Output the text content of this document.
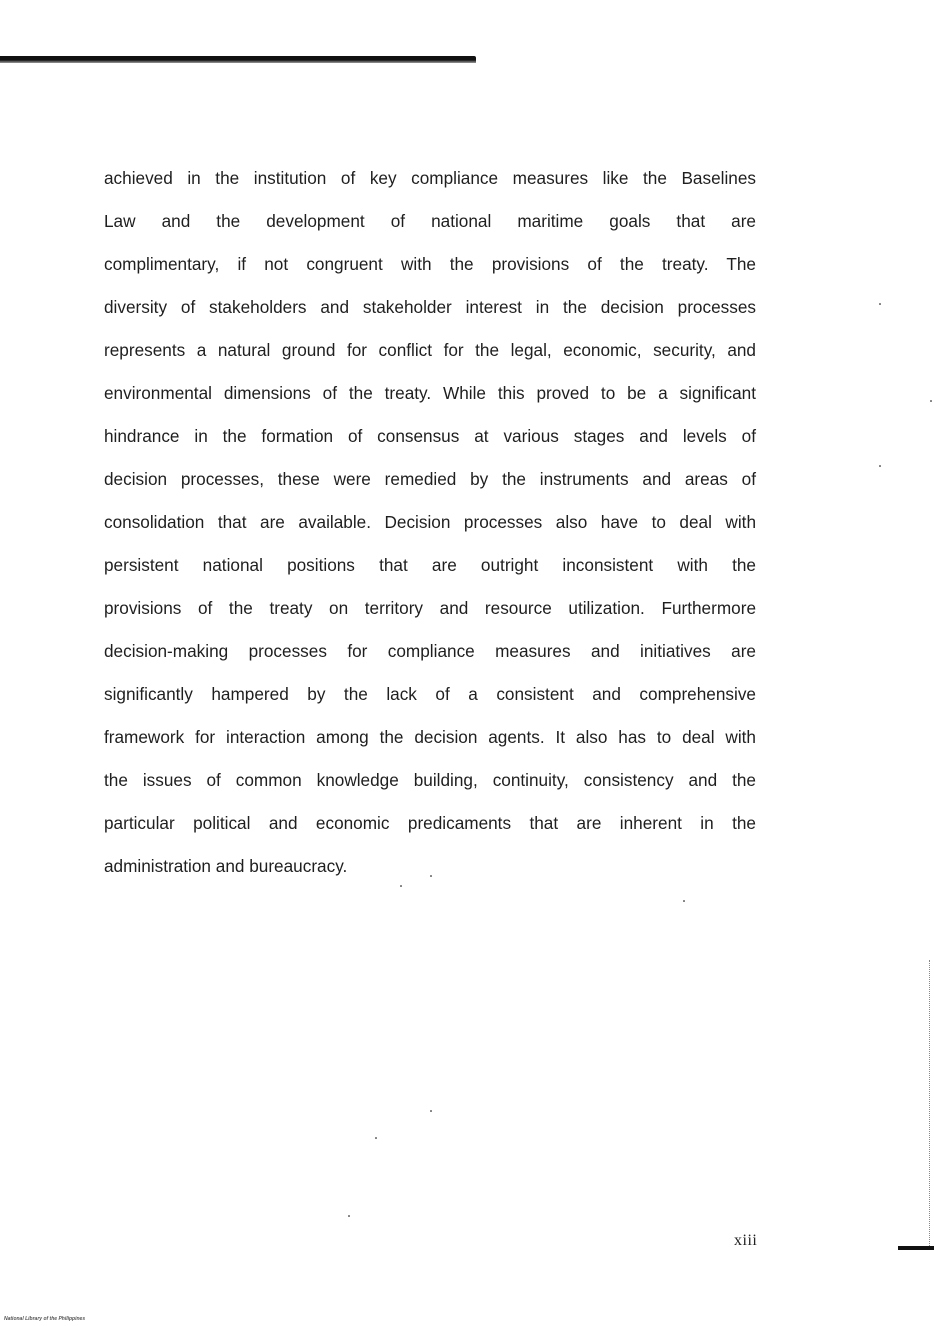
achieved in the institution of key compliance measures like the Baselines
Law and the development of national maritime goals that are
complimentary, if not congruent with the provisions of the treaty. The
diversity of stakeholders and stakeholder interest in the decision processes
represents a natural ground for conflict for the legal, economic, security, and
environmental dimensions of the treaty. While this proved to be a significant
hindrance in the formation of consensus at various stages and levels of
decision processes, these were remedied by the instruments and areas of
consolidation that are available. Decision processes also have to deal with
persistent national positions that are outright inconsistent with the
provisions of the treaty on territory and resource utilization. Furthermore
decision-making processes for compliance measures and initiatives are
significantly hampered by the lack of a consistent and comprehensive
framework for interaction among the decision agents. It also has to deal with
the issues of common knowledge building, continuity, consistency and the
particular political and economic predicaments that are inherent in the
administration and bureaucracy.

xiii
National Library of the Philippines
